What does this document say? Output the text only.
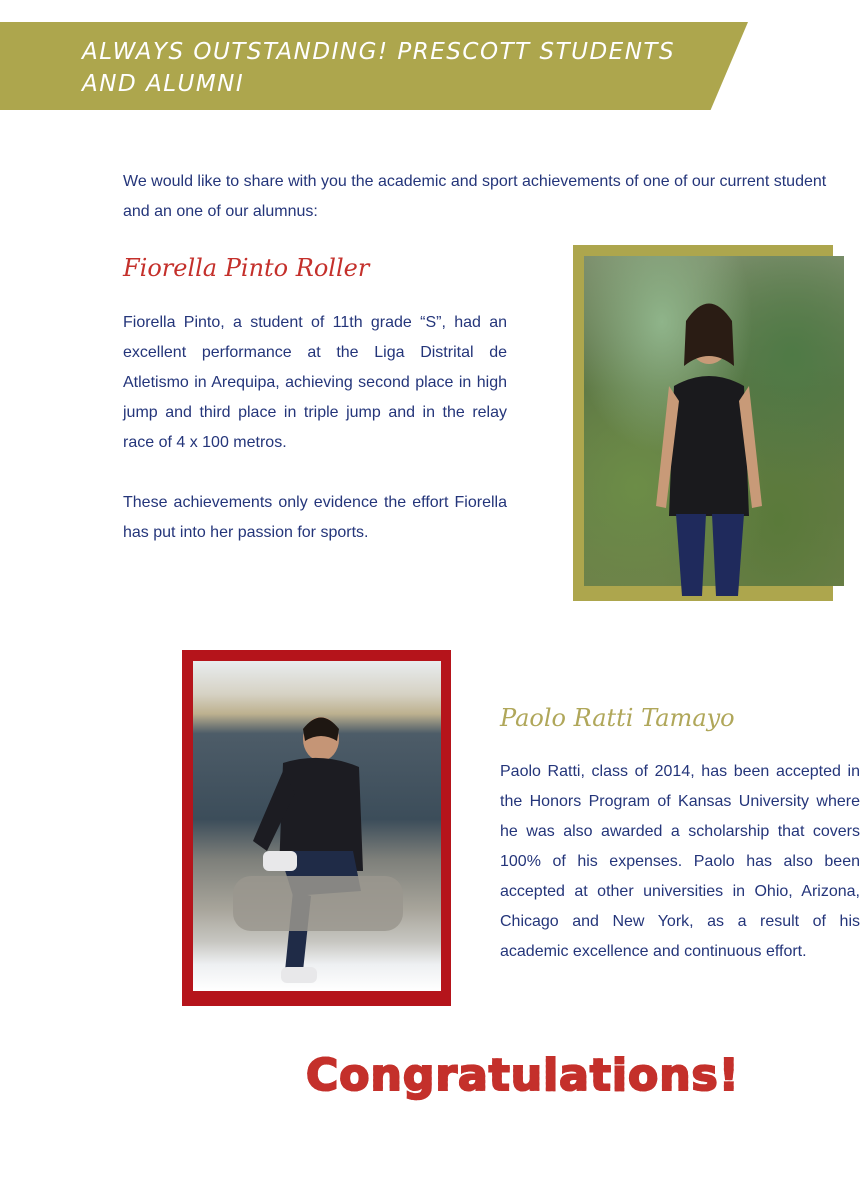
ALWAYS OUTSTANDING! PRESCOTT STUDENTS AND ALUMNI

We would like to share with you the academic and sport achievements of one of our current student and an one of our alumnus:

Fiorella Pinto Roller

Fiorella Pinto, a student of 11th grade “S”, had an excellent performance at the Liga Distrital de Atletismo in Arequipa, achieving second place in high jump and third place in triple jump and in the relay race of 4 x 100 metros.

These achievements only evidence the effort Fiorella has put into her passion for sports.

Paolo Ratti Tamayo

Paolo Ratti, class of 2014, has been accepted in the Honors Program of Kansas University where he was also awarded a scholarship that covers 100% of his expenses. Paolo has also been accepted at other universities in Ohio, Arizona, Chicago and New York, as a result of his academic excellence and continuous effort.

Congratulations!
